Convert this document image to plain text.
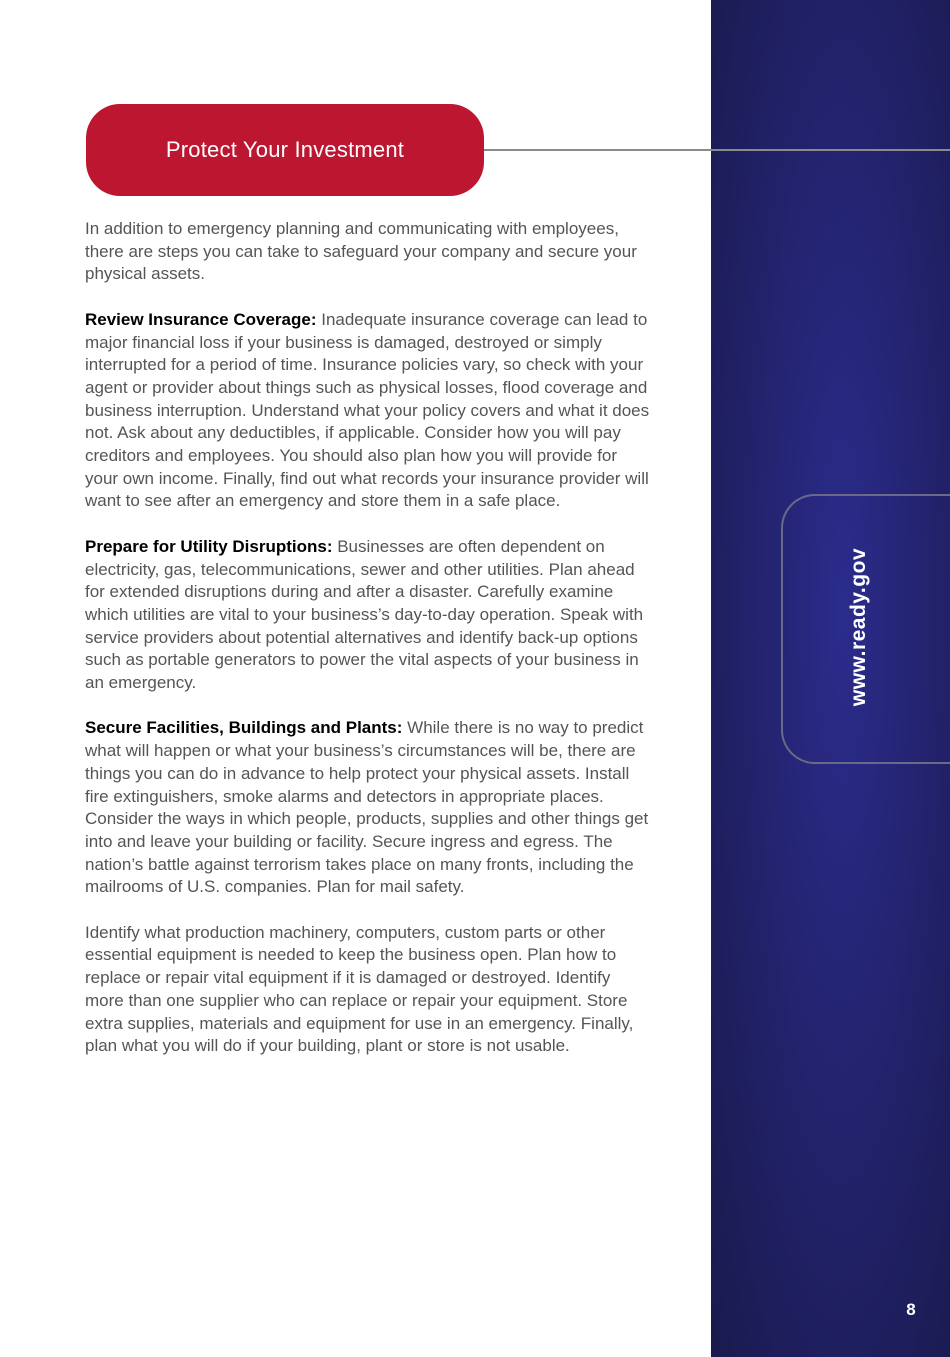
Protect Your Investment
www.ready.gov
8

In addition to emergency planning and communicating with employees, there are steps you can take to safeguard your company and secure your physical assets.

Review Insurance Coverage: Inadequate insurance coverage can lead to major financial loss if your business is damaged, destroyed or simply interrupted for a period of time. Insurance policies vary, so check with your agent or provider about things such as physical losses, flood coverage and business interruption. Understand what your policy covers and what it does not. Ask about any deductibles, if applicable. Consider how you will pay creditors and employees. You should also plan how you will provide for your own income. Finally, find out what records your insurance provider will want to see after an emergency and store them in a safe place.

Prepare for Utility Disruptions: Businesses are often dependent on electricity, gas, telecommunications, sewer and other utilities. Plan ahead for extended disruptions during and after a disaster. Carefully examine which utilities are vital to your business’s day-to-day operation. Speak with service providers about potential alternatives and identify back-up options such as portable generators to power the vital aspects of your business in an emergency.

Secure Facilities, Buildings and Plants: While there is no way to predict what will happen or what your business’s circumstances will be, there are things you can do in advance to help protect your physical assets. Install fire extinguishers, smoke alarms and detectors in appropriate places. Consider the ways in which people, products, supplies and other things get into and leave your building or facility. Secure ingress and egress. The nation’s battle against terrorism takes place on many fronts, including the mailrooms of U.S. companies. Plan for mail safety.

Identify what production machinery, computers, custom parts or other essential equipment is needed to keep the business open. Plan how to replace or repair vital equipment if it is damaged or destroyed. Identify more than one supplier who can replace or repair your equipment. Store extra supplies, materials and equipment for use in an emergency. Finally, plan what you will do if your building, plant or store is not usable.
